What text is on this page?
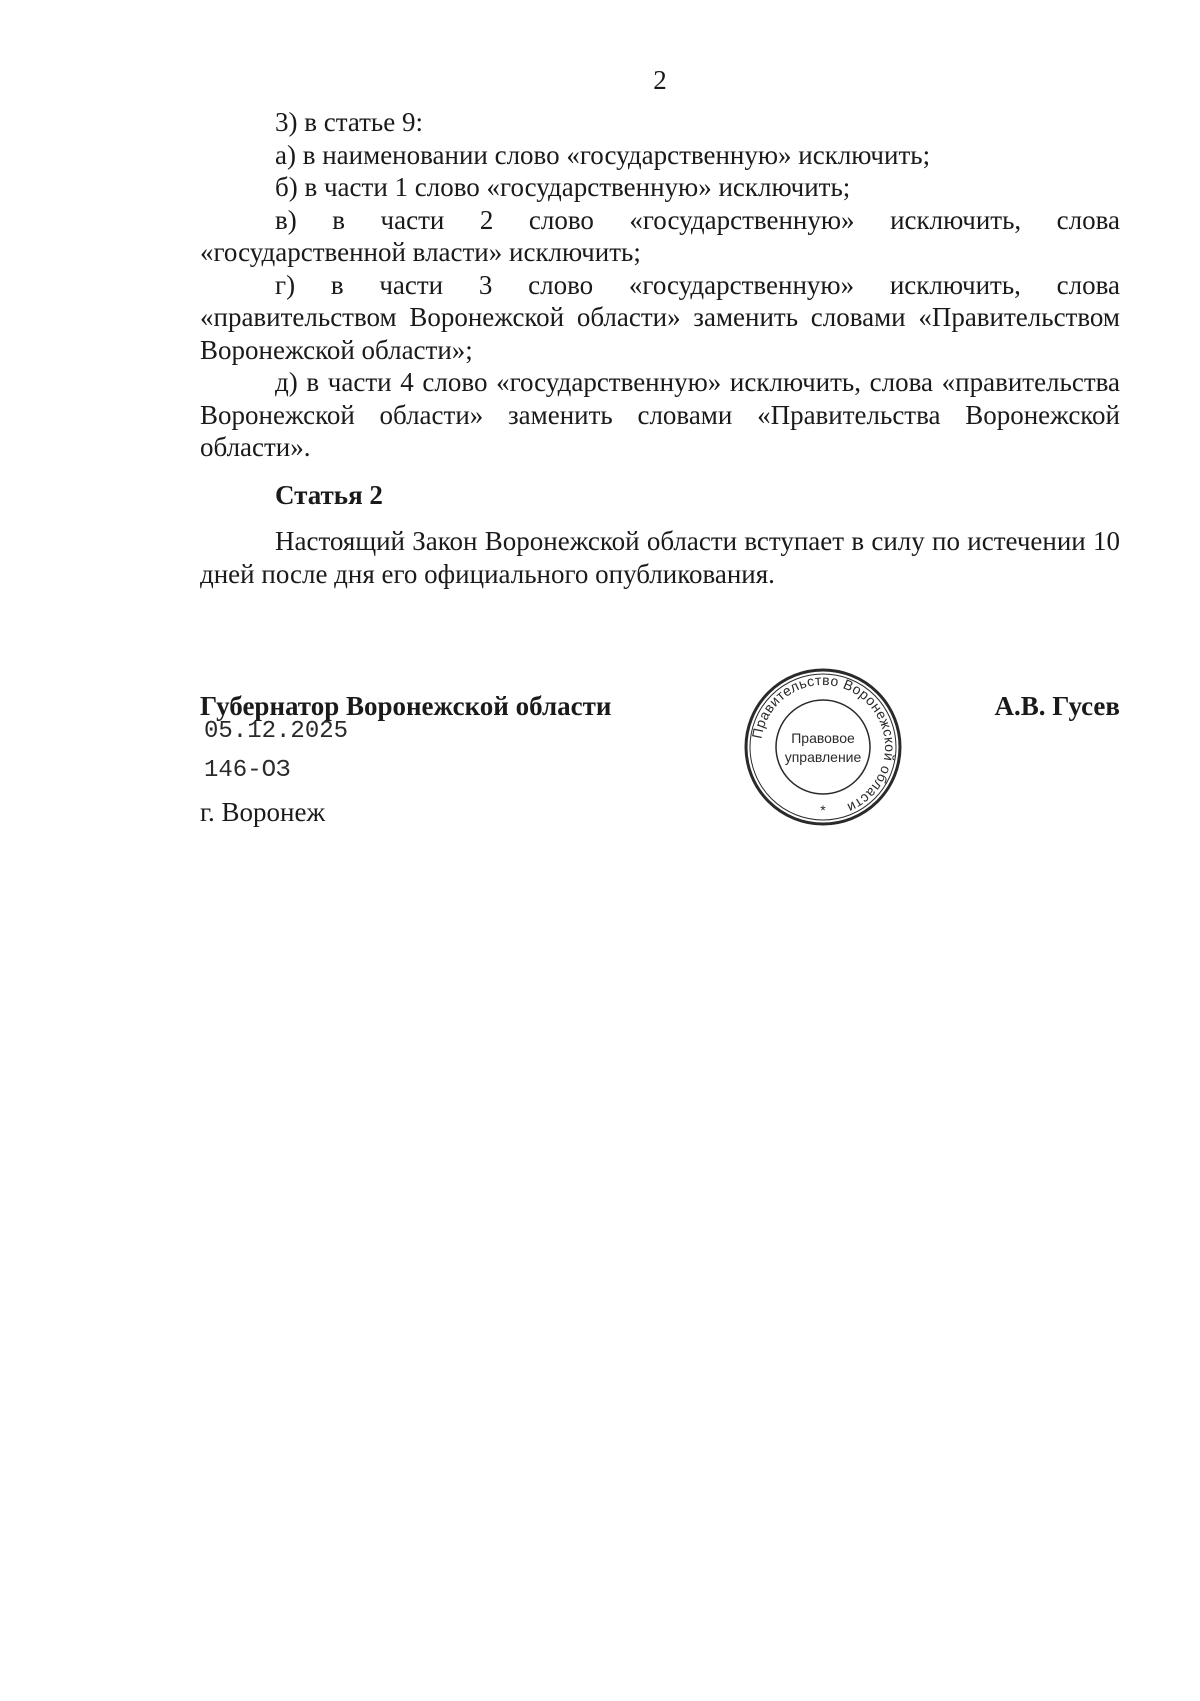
2

3) в статье 9:

а) в наименовании слово «государственную» исключить;

б) в части 1 слово «государственную» исключить;

в) в части 2 слово «государственную» исключить, слова «государственной власти» исключить;

г) в части 3 слово «государственную» исключить, слова «правительством Воронежской области» заменить словами «Правительством Воронежской области»;

д) в части 4 слово «государственную» исключить, слова «правительства Воронежской области» заменить словами «Правительства Воронежской области».

Статья 2

Настоящий Закон Воронежской области вступает в силу по истечении 10 дней после дня его официального опубликования.

Губернатор Воронежской области
05.12.2025
146-ОЗ
г. Воронеж
А.В. Гусев
Правительство Воронежской области
Правовое
управление
*
